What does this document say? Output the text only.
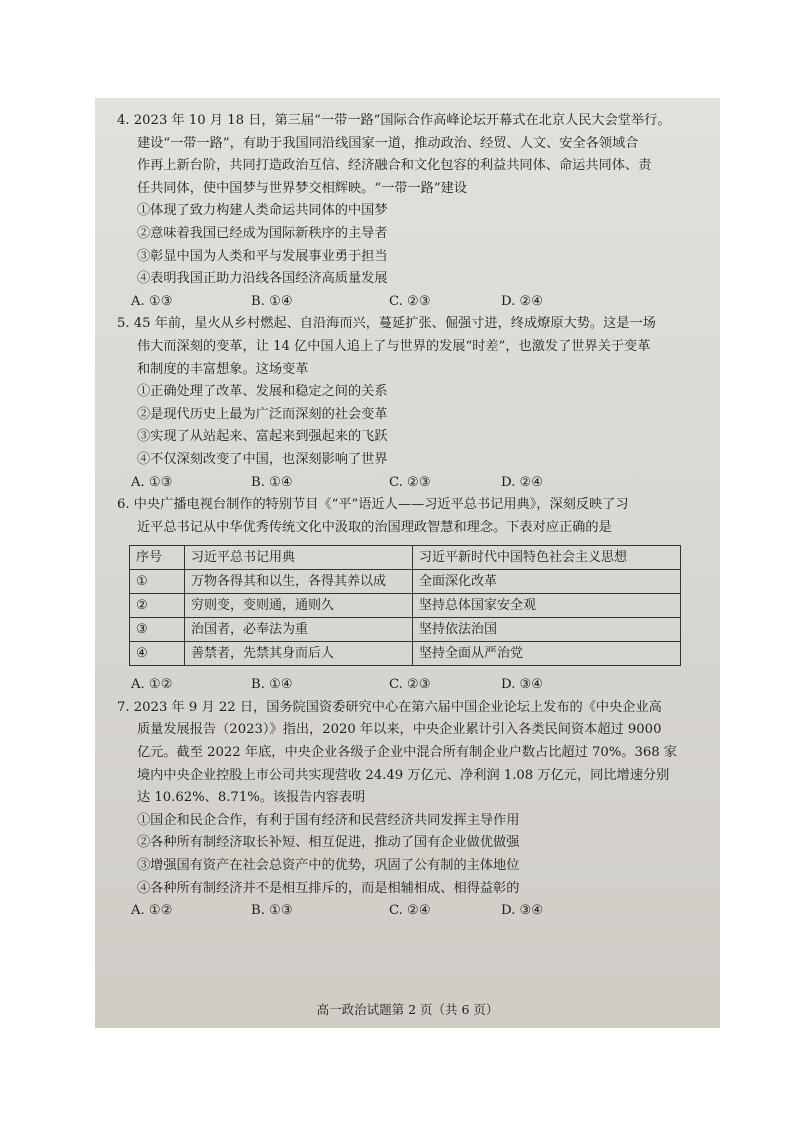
4. 2023 年 10 月 18 日，第三届“一带一路”国际合作高峰论坛开幕式在北京人民大会堂举行。
建设“一带一路”，有助于我国同沿线国家一道，推动政治、经贸、人文、安全各领域合
作再上新台阶，共同打造政治互信、经济融合和文化包容的利益共同体、命运共同体、责
任共同体，使中国梦与世界梦交相辉映。“一带一路”建设
①体现了致力构建人类命运共同体的中国梦
②意味着我国已经成为国际新秩序的主导者
③彰显中国为人类和平与发展事业勇于担当
④表明我国正助力沿线各国经济高质量发展
A. ①③	B. ①④	C. ②③	D. ②④
5. 45 年前，星火从乡村燃起、自沿海而兴，蔓延扩张、倔强寸进，终成燎原大势。这是一场
伟大而深刻的变革，让 14 亿中国人追上了与世界的发展“时差”，也激发了世界关于变革
和制度的丰富想象。这场变革
①正确处理了改革、发展和稳定之间的关系
②是现代历史上最为广泛而深刻的社会变革
③实现了从站起来、富起来到强起来的飞跃
④不仅深刻改变了中国，也深刻影响了世界
A. ①③	B. ①④	C. ②③	D. ②④
6. 中央广播电视台制作的特别节目《“平”语近人——习近平总书记用典》，深刻反映了习
近平总书记从中华优秀传统文化中汲取的治国理政智慧和理念。下表对应正确的是
序号	习近平总书记用典	习近平新时代中国特色社会主义思想
①	万物各得其和以生，各得其养以成	全面深化改革
②	穷则变，变则通，通则久	坚持总体国家安全观
③	治国者，必奉法为重	坚持依法治国
④	善禁者，先禁其身而后人	坚持全面从严治党
A. ①②	B. ①④	C. ②③	D. ③④
7. 2023 年 9 月 22 日，国务院国资委研究中心在第六届中国企业论坛上发布的《中央企业高
质量发展报告（2023）》指出，2020 年以来，中央企业累计引入各类民间资本超过 9000
亿元。截至 2022 年底，中央企业各级子企业中混合所有制企业户数占比超过 70%。368 家
境内中央企业控股上市公司共实现营收 24.49 万亿元、净利润 1.08 万亿元，同比增速分别
达 10.62%、8.71%。该报告内容表明
①国企和民企合作，有利于国有经济和民营经济共同发挥主导作用
②各种所有制经济取长补短、相互促进，推动了国有企业做优做强
③增强国有资产在社会总资产中的优势，巩固了公有制的主体地位
④各种所有制经济并不是相互排斥的，而是相辅相成、相得益彰的
A. ①②	B. ①③	C. ②④	D. ③④
高一政治试题第 2 页（共 6 页）
